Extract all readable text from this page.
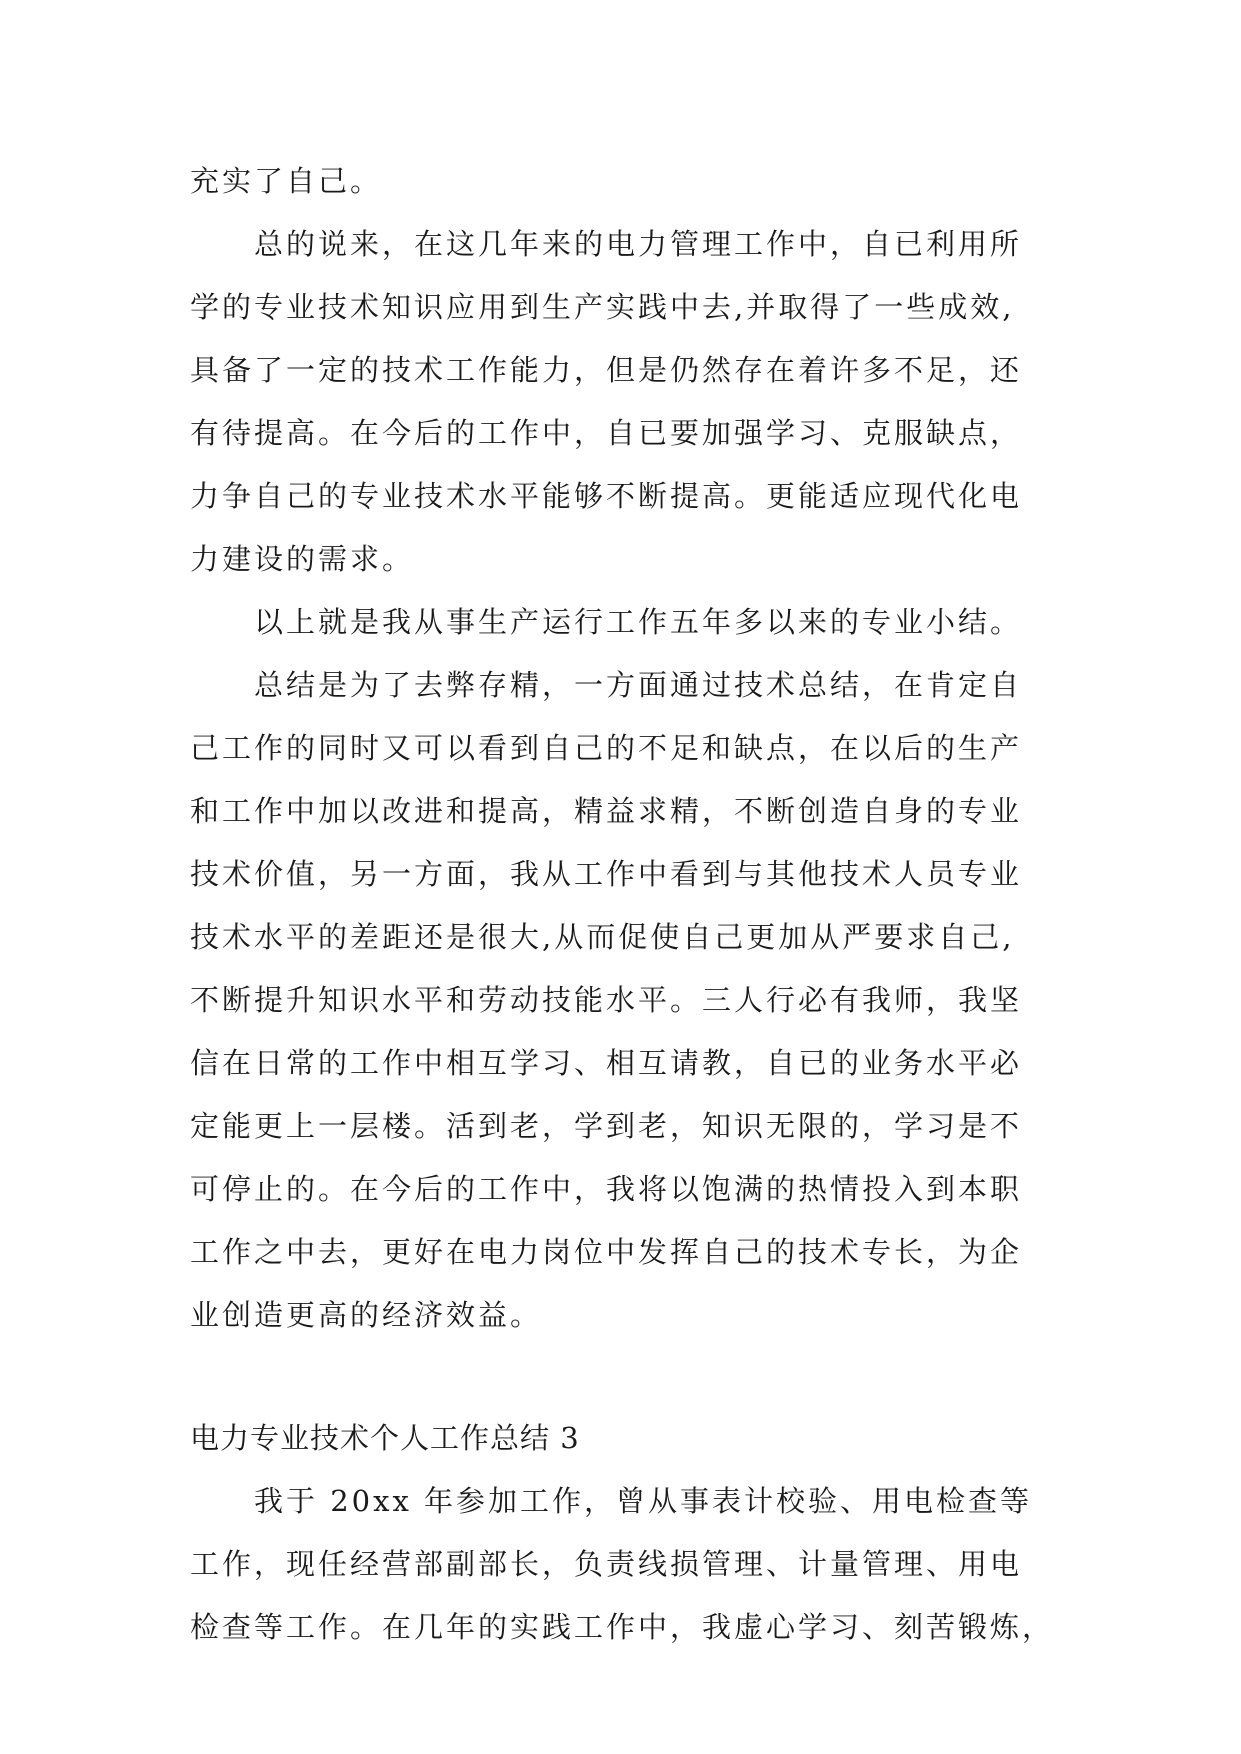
充实了自己。
总的说来，在这几年来的电力管理工作中，自已利用所
学的专业技术知识应用到生产实践中去,并取得了一些成效,
具备了一定的技术工作能力，但是仍然存在着许多不足，还
有待提高。在今后的工作中，自已要加强学习、克服缺点，
力争自己的专业技术水平能够不断提高。更能适应现代化电
力建设的需求。
以上就是我从事生产运行工作五年多以来的专业小结。
总结是为了去弊存精，一方面通过技术总结，在肯定自
己工作的同时又可以看到自己的不足和缺点，在以后的生产
和工作中加以改进和提高，精益求精，不断创造自身的专业
技术价值，另一方面，我从工作中看到与其他技术人员专业
技术水平的差距还是很大,从而促使自己更加从严要求自己,
不断提升知识水平和劳动技能水平。三人行必有我师，我坚
信在日常的工作中相互学习、相互请教，自已的业务水平必
定能更上一层楼。活到老，学到老，知识无限的，学习是不
可停止的。在今后的工作中，我将以饱满的热情投入到本职
工作之中去，更好在电力岗位中发挥自己的技术专长，为企
业创造更高的经济效益。
电力专业技术个人工作总结 3
我于 20xx 年参加工作，曾从事表计校验、用电检查等
工作，现任经营部副部长，负责线损管理、计量管理、用电
检查等工作。在几年的实践工作中，我虚心学习、刻苦锻炼，
